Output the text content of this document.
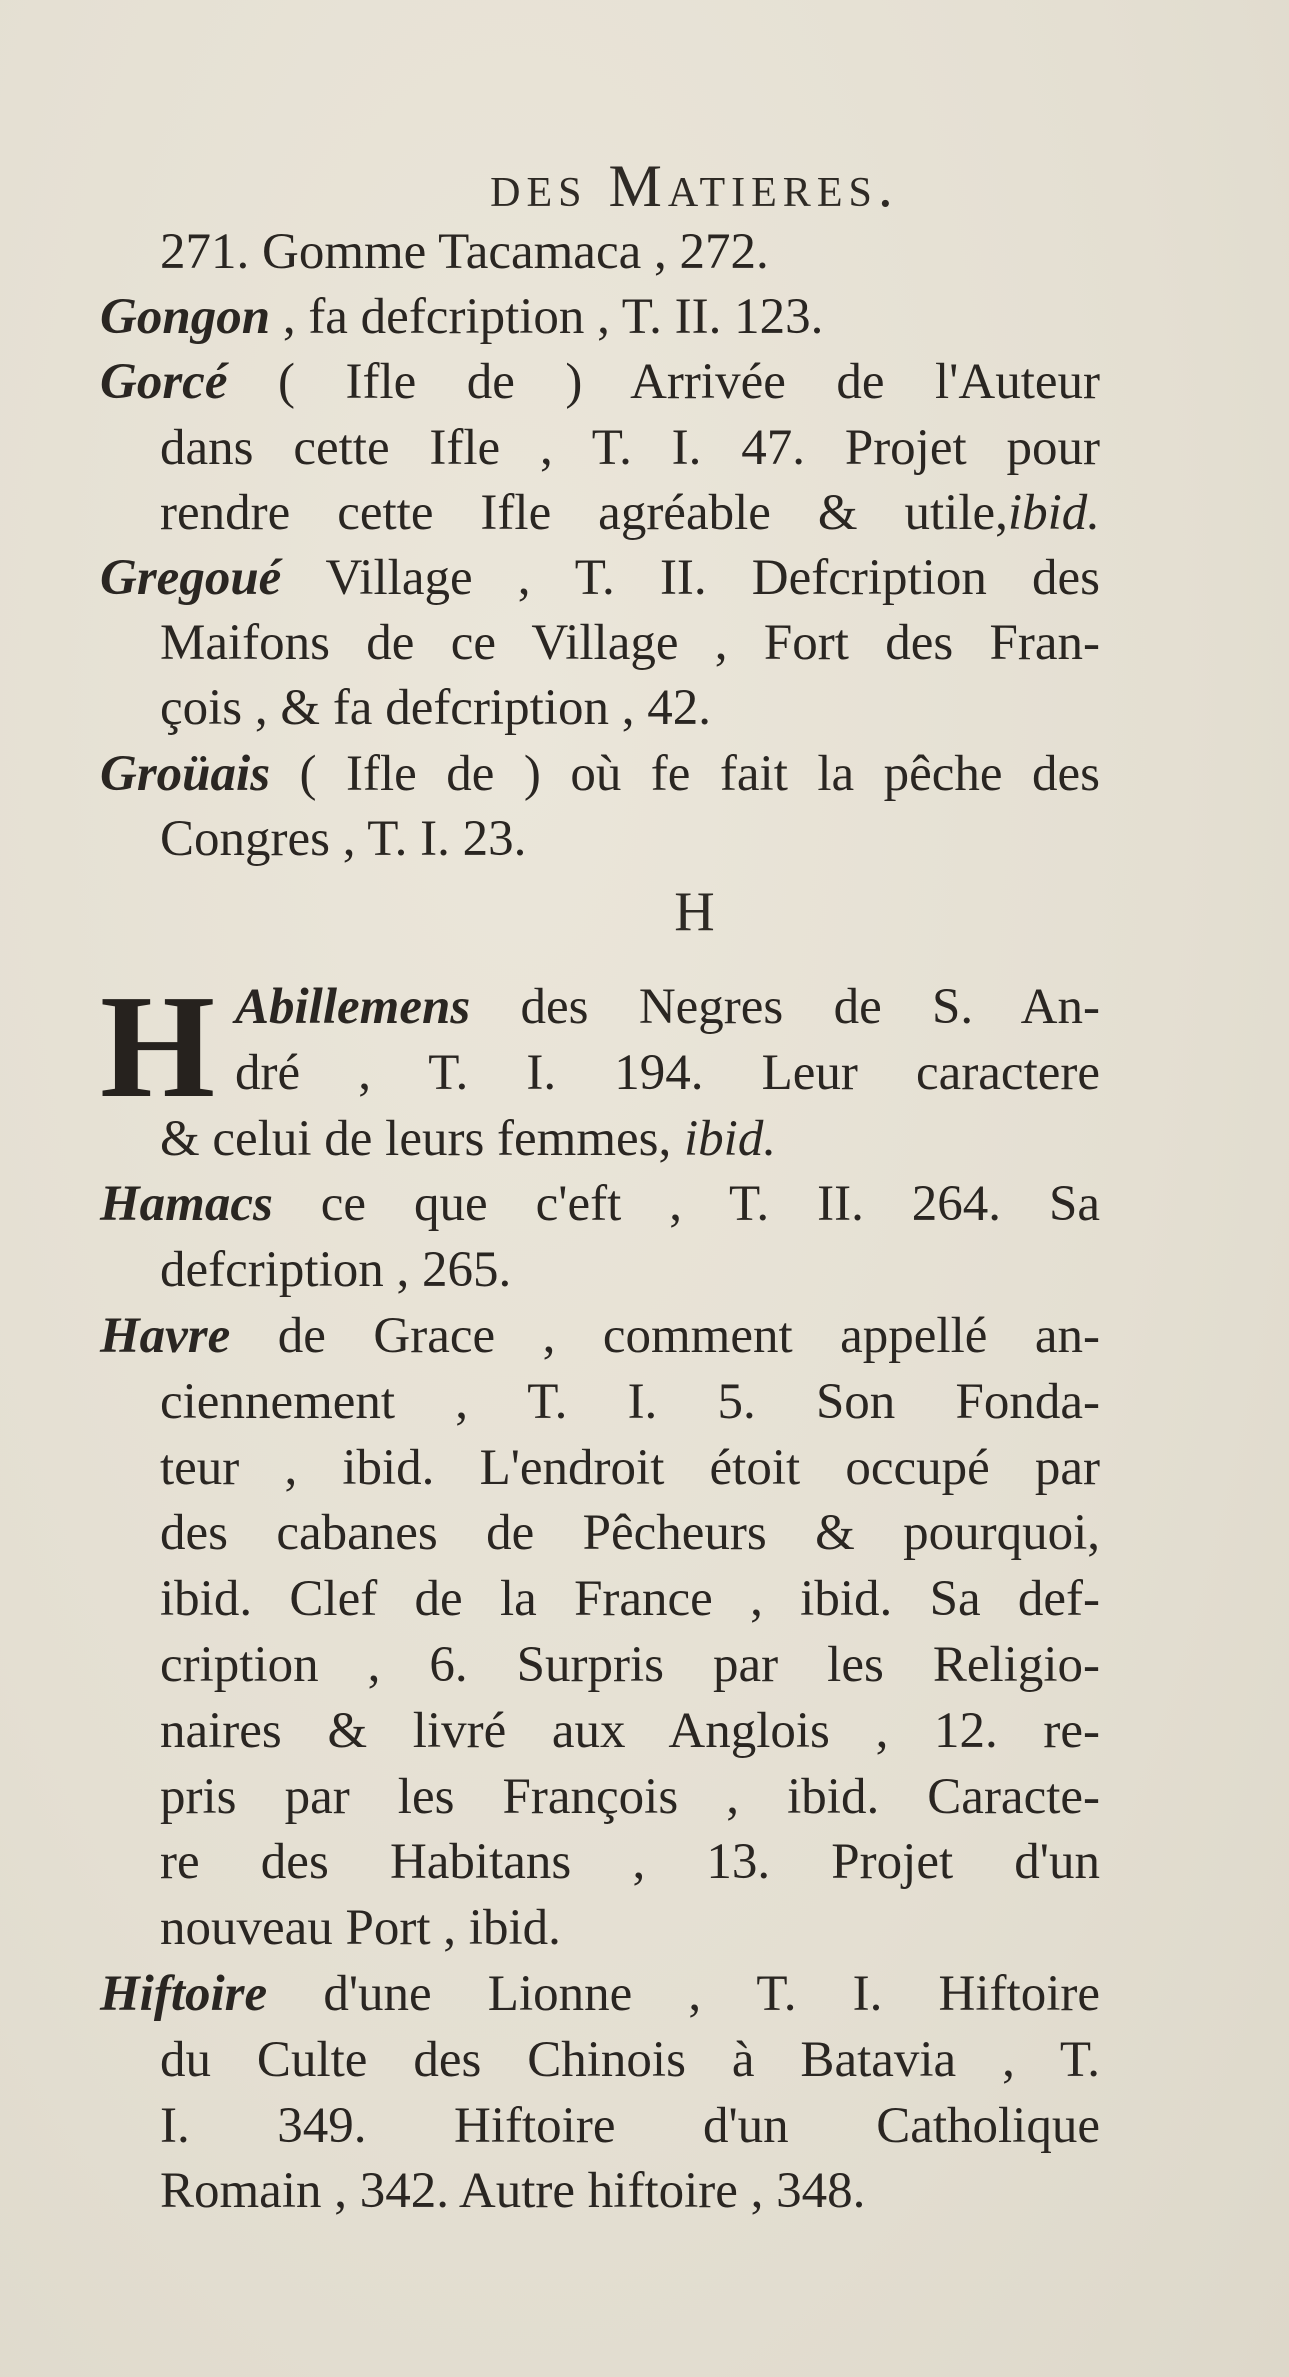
des Matieres.
271. Gomme Tacamaca , 272.
Gongon , fa defcription , T. II. 123.
Gorcé ( Ifle de ) Arrivée de l'Auteur
dans cette Ifle , T. I. 47. Projet pour
rendre cette Ifle agréable & utile,ibid.
Gregoué Village , T. II. Defcription des
Maifons de ce Village , Fort des Fran-
çois , & fa defcription , 42.
Groüais ( Ifle de ) où fe fait la pêche des
Congres , T. I. 23.
H
H Abillemens des Negres de S. An-
dré , T. I. 194. Leur caractere
& celui de leurs femmes, ibid.
Hamacs ce que c'eft , T. II. 264. Sa
defcription , 265.
Havre de Grace , comment appellé an-
ciennement , T. I. 5. Son Fonda-
teur , ibid. L'endroit étoit occupé par
des cabanes de Pêcheurs & pourquoi,
ibid. Clef de la France , ibid. Sa def-
cription , 6. Surpris par les Religio-
naires & livré aux Anglois , 12. re-
pris par les François , ibid. Caracte-
re des Habitans , 13. Projet d'un
nouveau Port , ibid.
Hiftoire d'une Lionne , T. I. Hiftoire
du Culte des Chinois à Batavia , T.
I. 349. Hiftoire d'un Catholique
Romain , 342. Autre hiftoire , 348.
